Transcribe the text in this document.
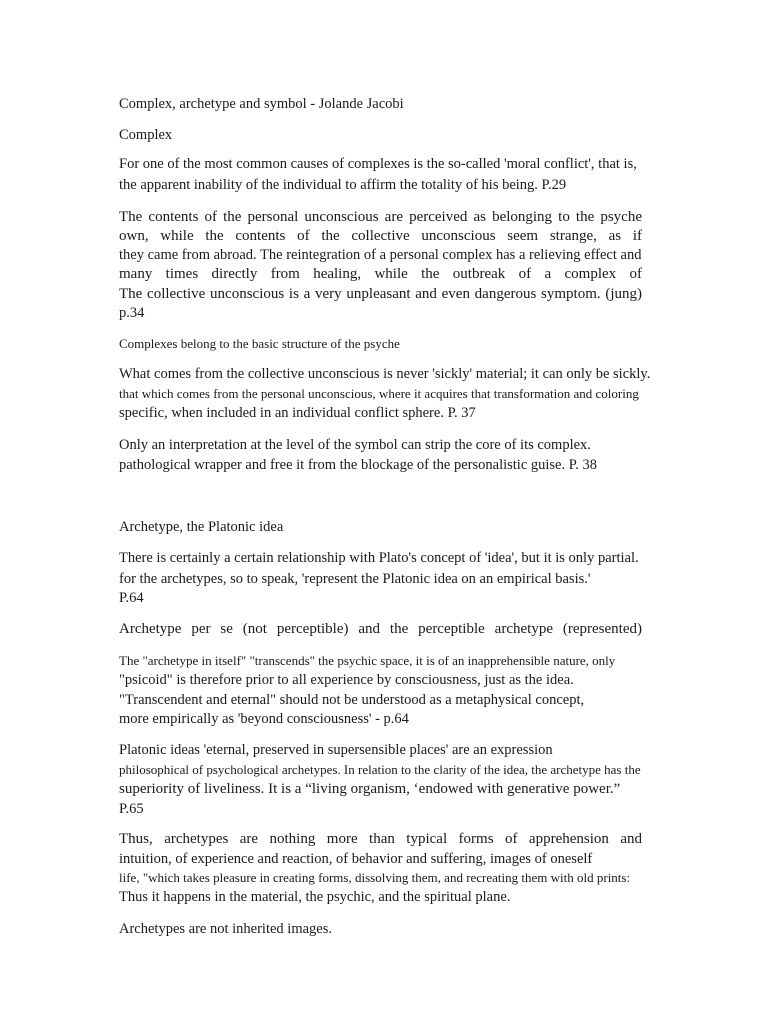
Complex, archetype and symbol - Jolande Jacobi
Complex
For one of the most common causes of complexes is the so-called 'moral conflict', that is,
the apparent inability of the individual to affirm the totality of his being. P.29
The contents of the personal unconscious are perceived as belonging to the psyche
own, while the contents of the collective unconscious seem strange, as if
they came from abroad. The reintegration of a personal complex has a relieving effect and
many times directly from healing, while the outbreak of a complex of
The collective unconscious is a very unpleasant and even dangerous symptom. (jung)
p.34
Complexes belong to the basic structure of the psyche
What comes from the collective unconscious is never 'sickly' material; it can only be sickly.
that which comes from the personal unconscious, where it acquires that transformation and coloring
specific, when included in an individual conflict sphere. P. 37
Only an interpretation at the level of the symbol can strip the core of its complex.
pathological wrapper and free it from the blockage of the personalistic guise. P. 38
Archetype, the Platonic idea
There is certainly a certain relationship with Plato's concept of 'idea', but it is only partial.
for the archetypes, so to speak, 'represent the Platonic idea on an empirical basis.'
P.64
Archetype per se (not perceptible) and the perceptible archetype (represented)
The "archetype in itself" "transcends" the psychic space, it is of an inapprehensible nature, only
"psicoid" is therefore prior to all experience by consciousness, just as the idea.
"Transcendent and eternal" should not be understood as a metaphysical concept,
more empirically as 'beyond consciousness' - p.64
Platonic ideas 'eternal, preserved in supersensible places' are an expression
philosophical of psychological archetypes. In relation to the clarity of the idea, the archetype has the
superiority of liveliness. It is a “living organism, ‘endowed with generative power.”
P.65
Thus, archetypes are nothing more than typical forms of apprehension and
intuition, of experience and reaction, of behavior and suffering, images of oneself
life, "which takes pleasure in creating forms, dissolving them, and recreating them with old prints:
Thus it happens in the material, the psychic, and the spiritual plane.
Archetypes are not inherited images.
